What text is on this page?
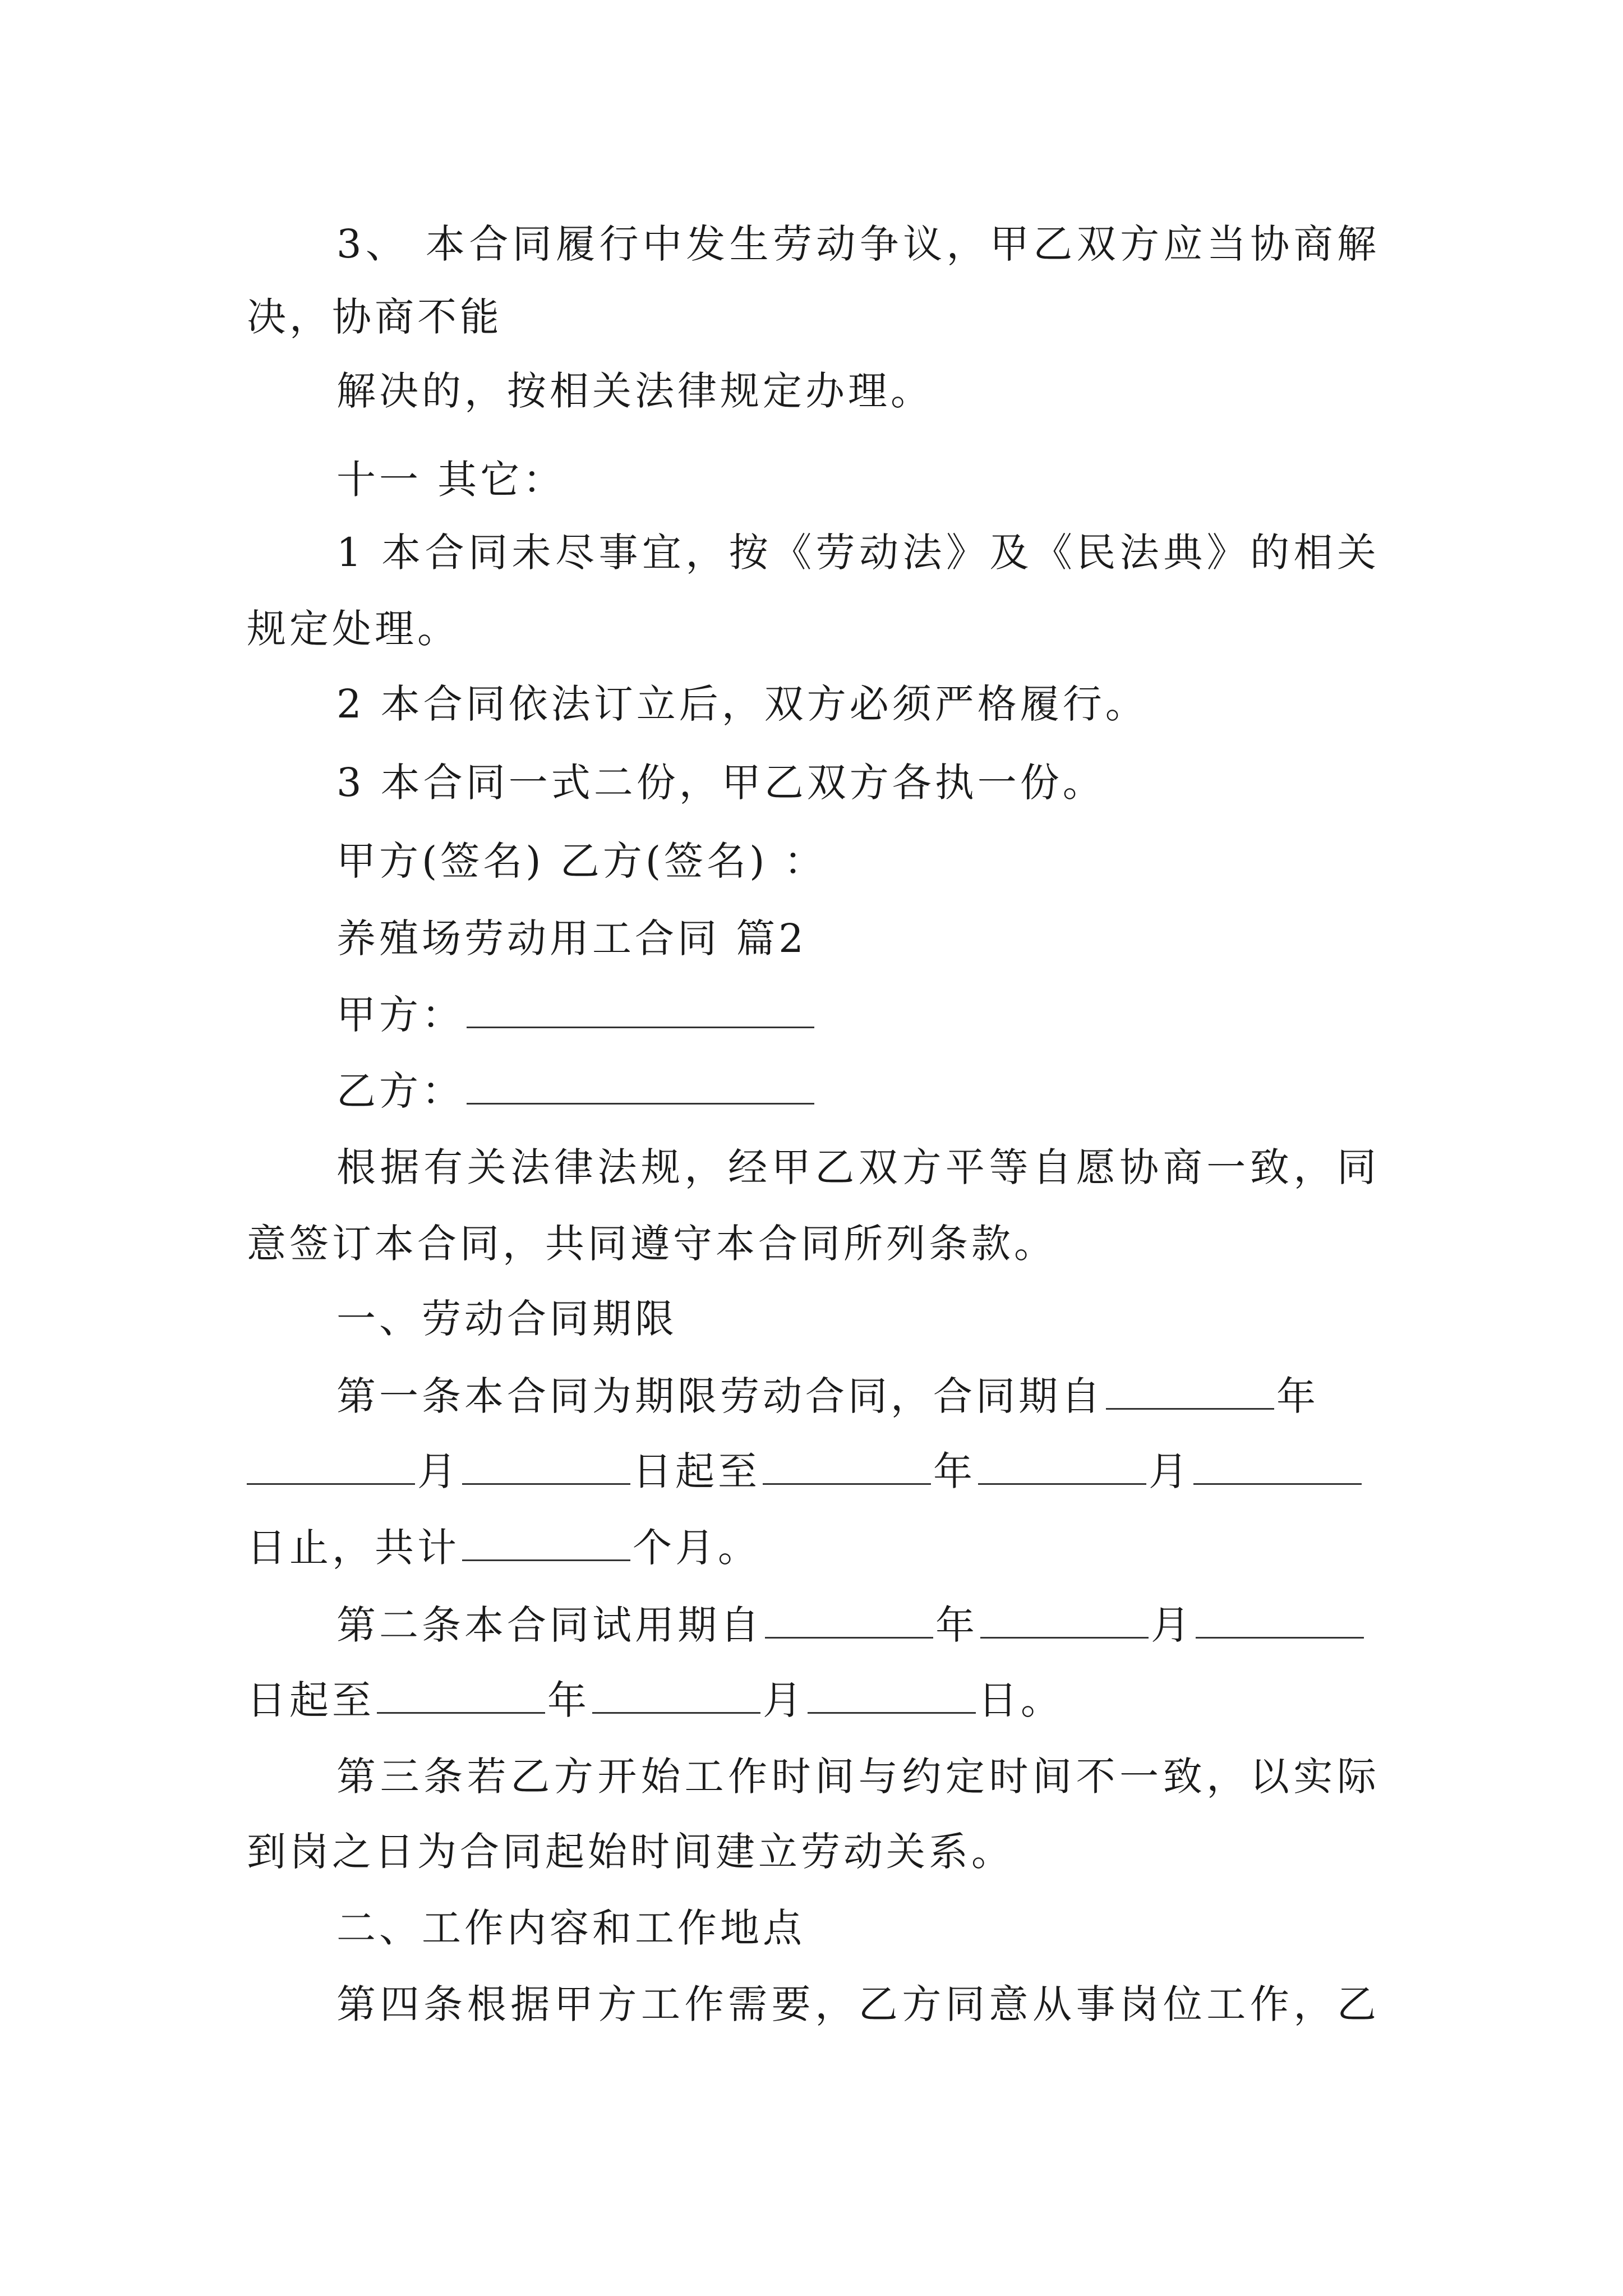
3、 本合同履行中发生劳动争议，甲乙双方应当协商解
决，协商不能
解决的，按相关法律规定办理。
十一 其它：
1 本合同未尽事宜，按《劳动法》及《民法典》的相关
规定处理。
2 本合同依法订立后，双方必须严格履行。
3 本合同一式二份，甲乙双方各执一份。
甲方(签名) 乙方(签名) ：
养殖场劳动用工合同 篇2
甲方：
乙方：
根据有关法律法规，经甲乙双方平等自愿协商一致，同
意签订本合同，共同遵守本合同所列条款。
一、劳动合同期限
第一条本合同为期限劳动合同，合同期自	年
月	日起至	年	月
日止，共计	个月。
第二条本合同试用期自	年	月
日起至	年	月	日。
第三条若乙方开始工作时间与约定时间不一致，以实际
到岗之日为合同起始时间建立劳动关系。
二、工作内容和工作地点
第四条根据甲方工作需要，乙方同意从事岗位工作，乙
